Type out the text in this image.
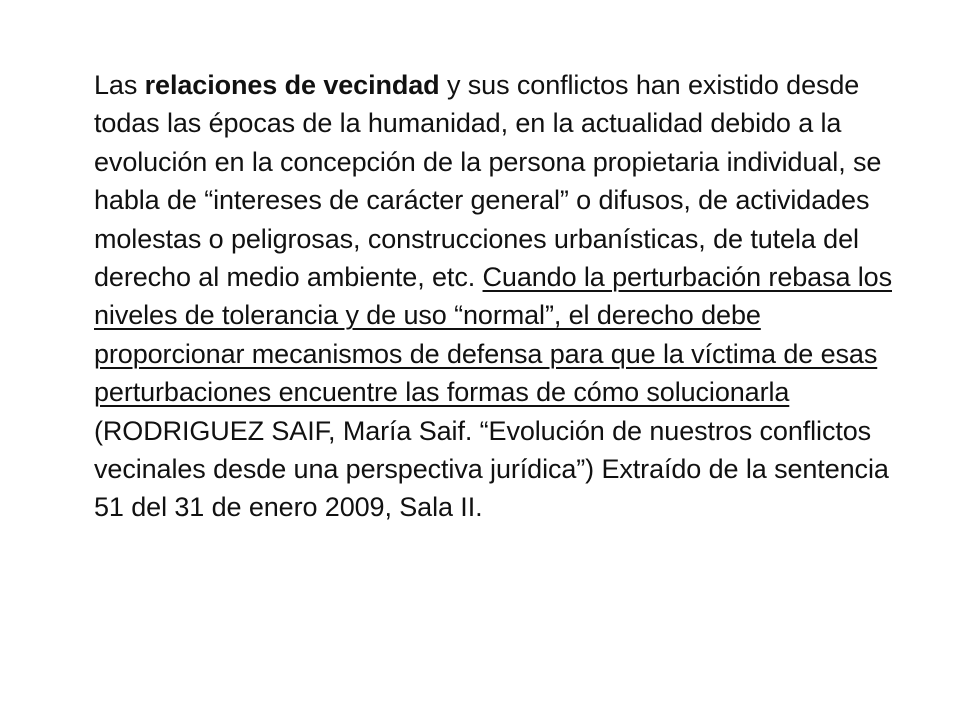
Las relaciones de vecindad y sus conflictos han existido desde todas las épocas de la humanidad, en la actualidad debido a la evolución en la concepción de la persona propietaria individual, se habla de “intereses de carácter general” o difusos, de actividades molestas o peligrosas, construcciones urbanísticas, de tutela del derecho al medio ambiente, etc. Cuando la perturbación rebasa los niveles de tolerancia y de uso “normal”, el derecho debe proporcionar mecanismos de defensa para que la víctima de esas perturbaciones encuentre las formas de cómo solucionarla (RODRIGUEZ SAIF, María Saif. “Evolución de nuestros conflictos vecinales desde una perspectiva jurídica”) Extraído de la sentencia 51 del 31 de enero 2009, Sala II.
